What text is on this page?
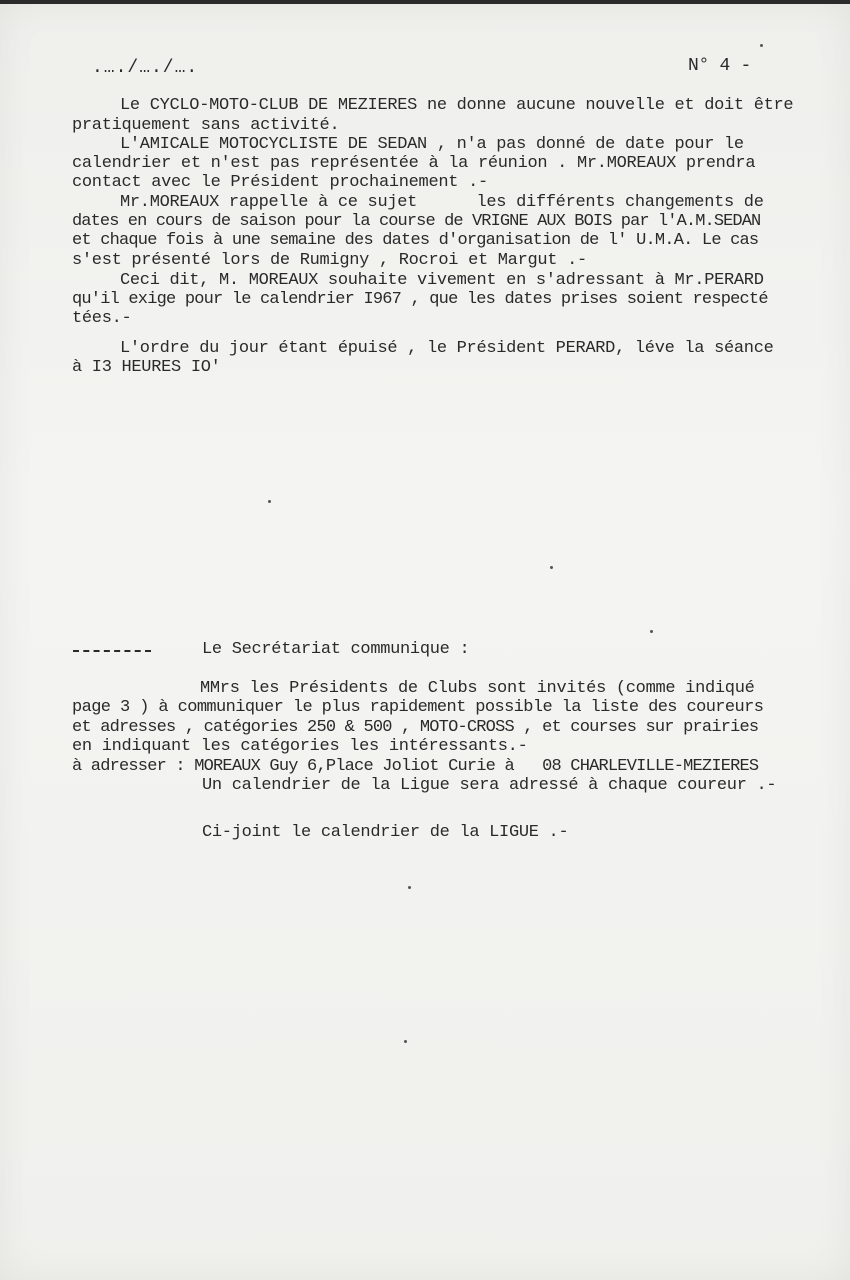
.…./…./….	N° 4 -
Le CYCLO-MOTO-CLUB DE MEZIERES ne donne aucune nouvelle et doit être
pratiquement sans activité.
L'AMICALE MOTOCYCLISTE DE SEDAN , n'a pas donné de date pour le
calendrier et n'est pas représentée à la réunion . Mr.MOREAUX prendra
contact avec le Président prochainement .-
Mr.MOREAUX rappelle à ce sujet      les différents changements de
dates en cours de saison pour la course de VRIGNE AUX BOIS par l'A.M.SEDAN
et chaque fois à une semaine des dates d'organisation de l' U.M.A. Le cas
s'est présenté lors de Rumigny , Rocroi et Margut .-
Ceci dit, M. MOREAUX souhaite vivement en s'adressant à Mr.PERARD
qu'il exige pour le calendrier I967 , que les dates prises soient respecté
tées.-
L'ordre du jour étant épuisé , le Président PERARD, léve la séance
à I3 HEURES IO'
Le Secrétariat communique :
MMrs les Présidents de Clubs sont invités (comme indiqué
page 3 ) à communiquer le plus rapidement possible la liste des coureurs
et adresses , catégories 250 & 500 , MOTO-CROSS , et courses sur prairies
en indiquant les catégories les intéressants.-
à adresser : MOREAUX Guy 6,Place Joliot Curie à   08 CHARLEVILLE-MEZIERES
Un calendrier de la Ligue sera adressé à chaque coureur .-
Ci-joint le calendrier de la LIGUE .-
